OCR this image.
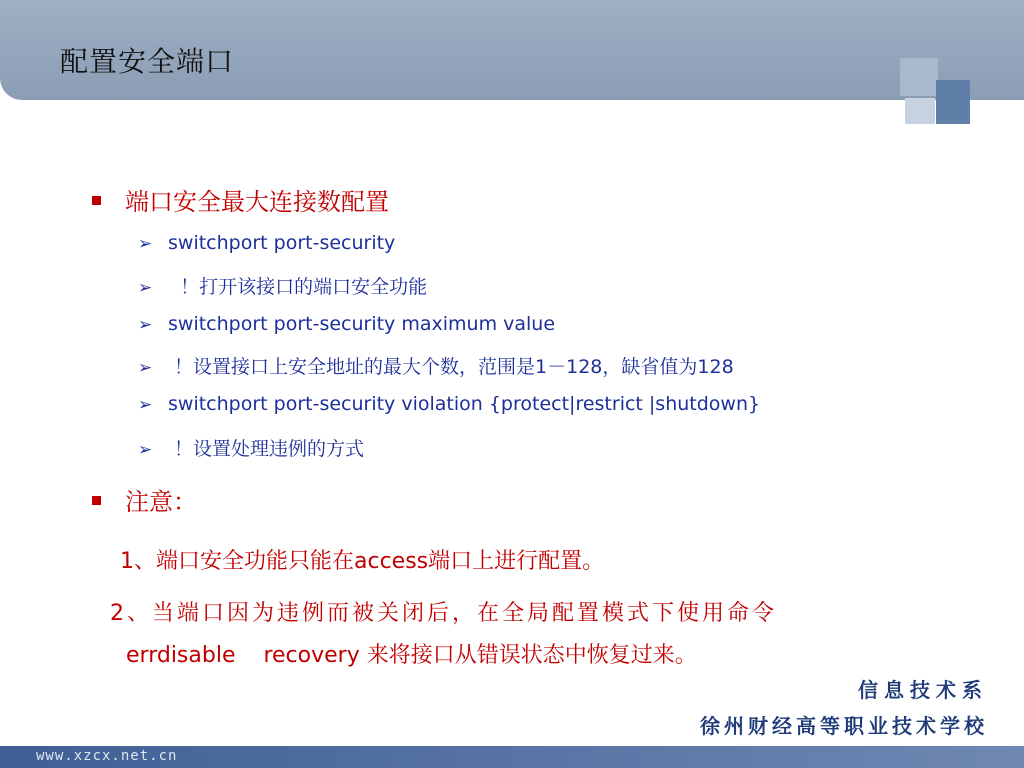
配置安全端口
端口安全最大连接数配置
➢ switchport port-security
➢  ！打开该接口的端口安全功能
➢ switchport port-security maximum value
➢ ！设置接口上安全地址的最大个数，范围是1－128，缺省值为128
➢ switchport port-security violation {protect|restrict |shutdown}
➢ ！设置处理违例的方式
注意：
1、端口安全功能只能在access端口上进行配置。
2、当端口因为违例而被关闭后，在全局配置模式下使用命令
errdisable    recovery 来将接口从错误状态中恢复过来。
信息技术系
徐州财经高等职业技术学校
www.xzcx.net.cn
